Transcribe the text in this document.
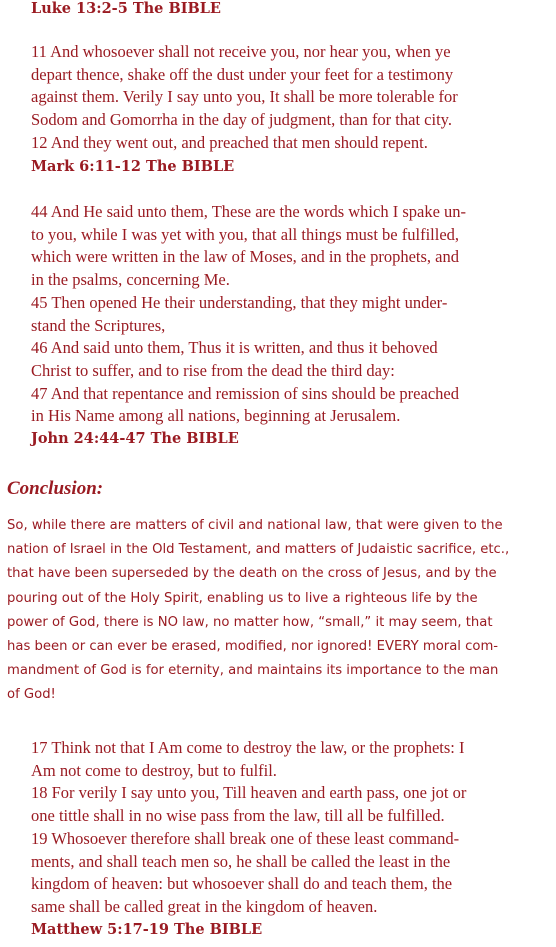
Luke 13:2-5 The BIBLE
11 And whosoever shall not receive you, nor hear you, when ye
depart thence, shake off the dust under your feet for a testimony
against them. Verily I say unto you, It shall be more tolerable for
Sodom and Gomorrha in the day of judgment, than for that city.
12 And they went out, and preached that men should repent.
Mark 6:11-12 The BIBLE
44 And He said unto them, These are the words which I spake un-
to you, while I was yet with you, that all things must be fulfilled,
which were written in the law of Moses, and in the prophets, and
in the psalms, concerning Me.
45 Then opened He their understanding, that they might under-
stand the Scriptures,
46 And said unto them, Thus it is written, and thus it behoved
Christ to suffer, and to rise from the dead the third day:
47 And that repentance and remission of sins should be preached
in His Name among all nations, beginning at Jerusalem.
John 24:44-47 The BIBLE
Conclusion:
So, while there are matters of civil and national law, that were given to the
nation of Israel in the Old Testament, and matters of Judaistic sacrifice, etc.,
that have been superseded by the death on the cross of Jesus, and by the
pouring out of the Holy Spirit, enabling us to live a righteous life by the
power of God, there is NO law, no matter how, “small,” it may seem, that
has been or can ever be erased, modified, nor ignored! EVERY moral com-
mandment of God is for eternity, and maintains its importance to the man
of God!
17 Think not that I Am come to destroy the law, or the prophets: I
Am not come to destroy, but to fulfil.
18 For verily I say unto you, Till heaven and earth pass, one jot or
one tittle shall in no wise pass from the law, till all be fulfilled.
19 Whosoever therefore shall break one of these least command-
ments, and shall teach men so, he shall be called the least in the
kingdom of heaven: but whosoever shall do and teach them, the
same shall be called great in the kingdom of heaven.
Matthew 5:17-19 The BIBLE
